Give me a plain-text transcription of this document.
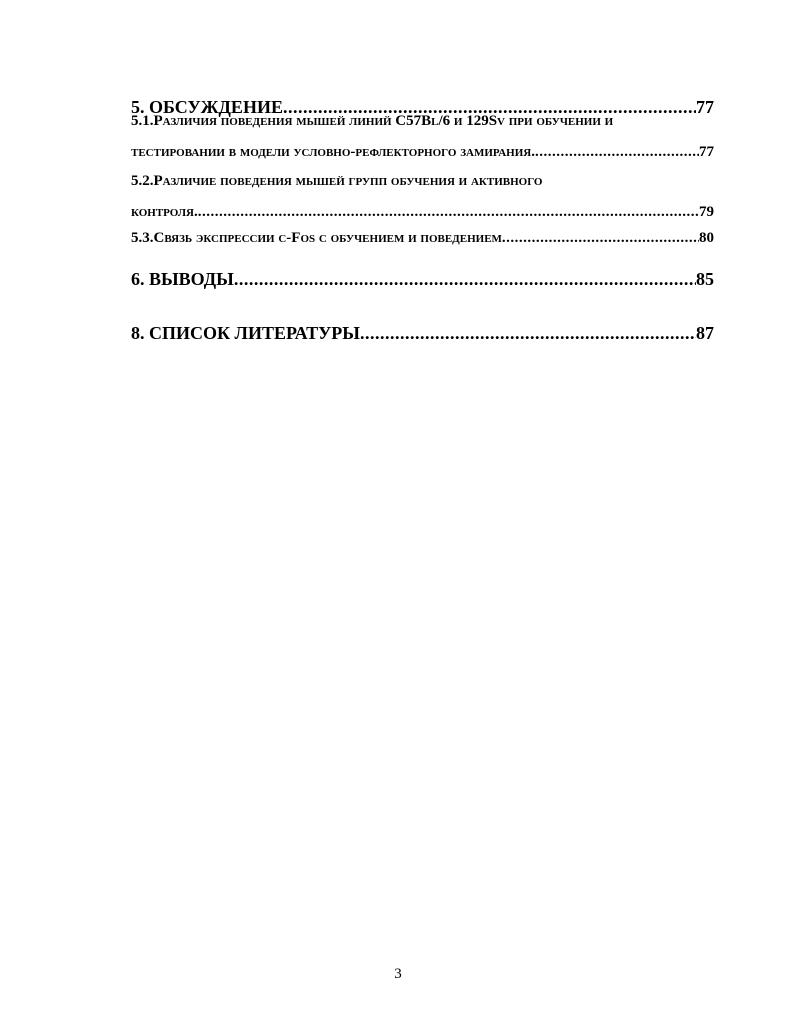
5. ОБСУЖДЕНИЕ .....	77
5.1.Различия поведения мышей линий C57Bl/6 и 129Sv при обучении и
тестировании в модели условно-рефлекторного замирания. .....	77
5.2.Различие поведения мышей групп обучения и активного
контроля. .....	79
5.3.Связь экспрессии c-Fos с обучением и поведением .....	80
6. ВЫВОДЫ .....	85
8. СПИСОК ЛИТЕРАТУРЫ .....	87
3
